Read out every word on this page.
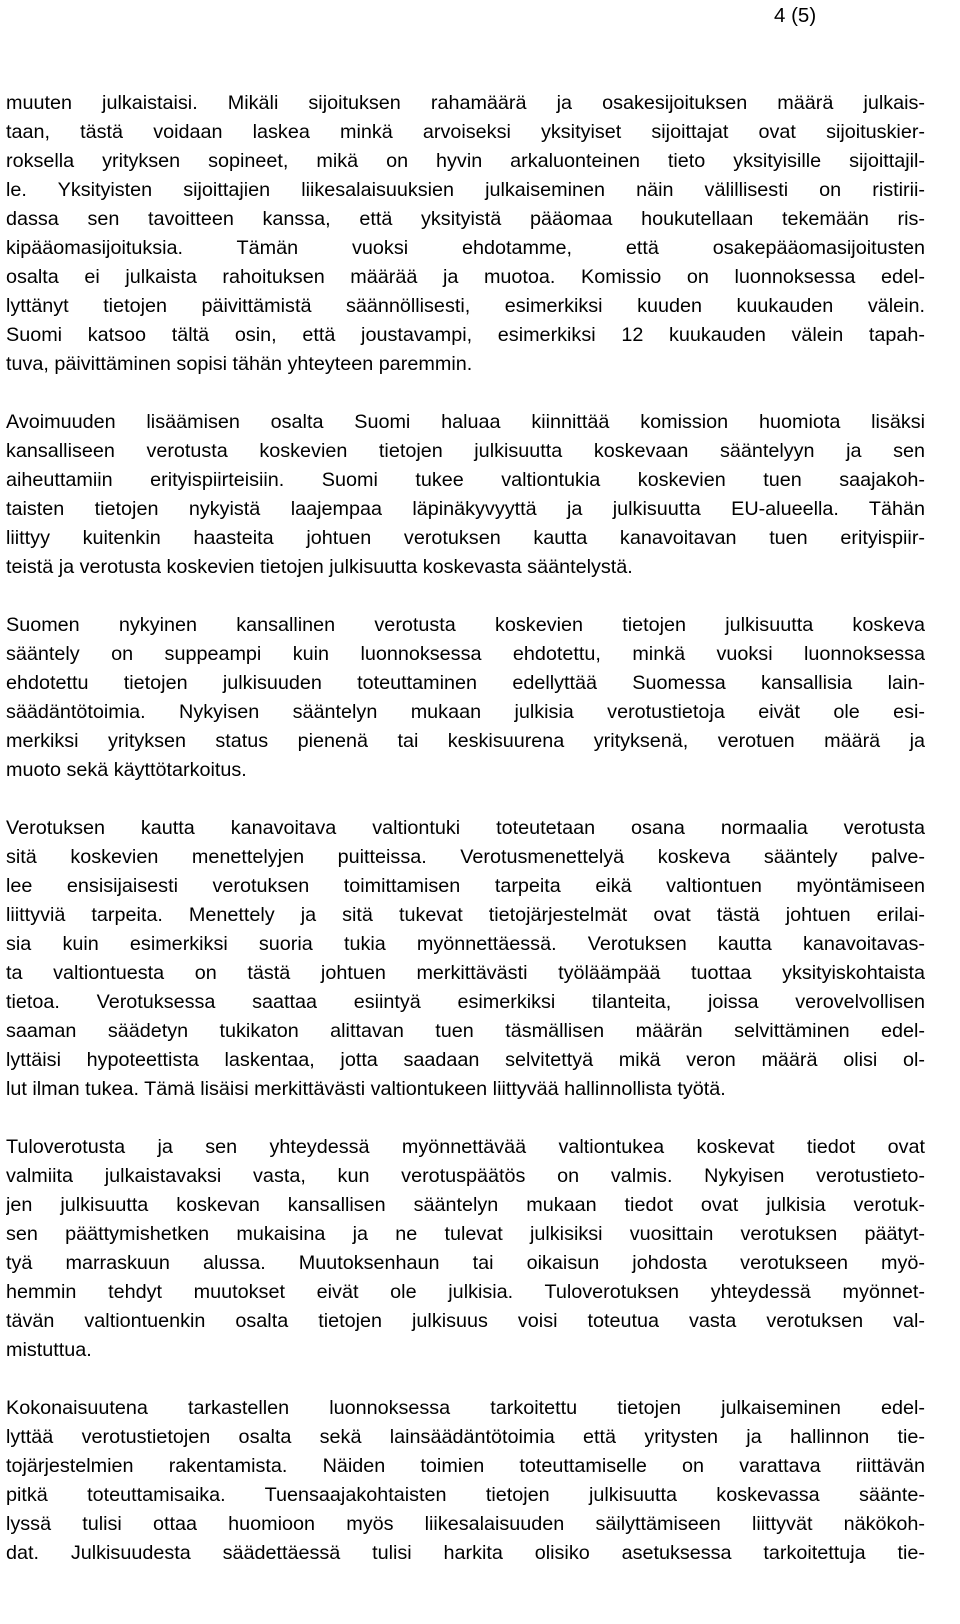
4 (5)
muuten julkaistaisi. Mikäli sijoituksen rahamäärä ja osakesijoituksen määrä julkais-
taan, tästä voidaan laskea minkä arvoiseksi yksityiset sijoittajat ovat sijoituskier-
roksella yrityksen sopineet, mikä on hyvin arkaluonteinen tieto yksityisille sijoittajil-
le. Yksityisten sijoittajien liikesalaisuuksien julkaiseminen näin välillisesti on ristirii-
dassa sen tavoitteen kanssa, että yksityistä pääomaa houkutellaan tekemään ris-
kipääomasijoituksia. Tämän vuoksi ehdotamme, että osakepääomasijoitusten
osalta ei julkaista rahoituksen määrää ja muotoa. Komissio on luonnoksessa edel-
lyttänyt tietojen päivittämistä säännöllisesti, esimerkiksi kuuden kuukauden välein.
Suomi katsoo tältä osin, että joustavampi, esimerkiksi 12 kuukauden välein tapah-
tuva, päivittäminen sopisi tähän yhteyteen paremmin.
Avoimuuden lisäämisen osalta Suomi haluaa kiinnittää komission huomiota lisäksi
kansalliseen verotusta koskevien tietojen julkisuutta koskevaan sääntelyyn ja sen
aiheuttamiin erityispiirteisiin. Suomi tukee valtiontukia koskevien tuen saajakoh-
taisten tietojen nykyistä laajempaa läpinäkyvyyttä ja julkisuutta EU-alueella. Tähän
liittyy kuitenkin haasteita johtuen verotuksen kautta kanavoitavan tuen erityispiir-
teistä ja verotusta koskevien tietojen julkisuutta koskevasta sääntelystä.
Suomen nykyinen kansallinen verotusta koskevien tietojen julkisuutta koskeva
sääntely on suppeampi kuin luonnoksessa ehdotettu, minkä vuoksi luonnoksessa
ehdotettu tietojen julkisuuden toteuttaminen edellyttää Suomessa kansallisia lain-
säädäntötoimia. Nykyisen sääntelyn mukaan julkisia verotustietoja eivät ole esi-
merkiksi yrityksen status pienenä tai keskisuurena yrityksenä, verotuen määrä ja
muoto sekä käyttötarkoitus.
Verotuksen kautta kanavoitava valtiontuki toteutetaan osana normaalia verotusta
sitä koskevien menettelyjen puitteissa. Verotusmenettelyä koskeva sääntely palve-
lee ensisijaisesti verotuksen toimittamisen tarpeita eikä valtiontuen myöntämiseen
liittyviä tarpeita. Menettely ja sitä tukevat tietojärjestelmät ovat tästä johtuen erilai-
sia kuin esimerkiksi suoria tukia myönnettäessä. Verotuksen kautta kanavoitavas-
ta valtiontuesta on tästä johtuen merkittävästi työläämpää tuottaa yksityiskohtaista
tietoa. Verotuksessa saattaa esiintyä esimerkiksi tilanteita, joissa verovelvollisen
saaman säädetyn tukikaton alittavan tuen täsmällisen määrän selvittäminen edel-
lyttäisi hypoteettista laskentaa, jotta saadaan selvitettyä mikä veron määrä olisi ol-
lut ilman tukea. Tämä lisäisi merkittävästi valtiontukeen liittyvää hallinnollista työtä.
Tuloverotusta ja sen yhteydessä myönnettävää valtiontukea koskevat tiedot ovat
valmiita julkaistavaksi vasta, kun verotuspäätös on valmis. Nykyisen verotustieto-
jen julkisuutta koskevan kansallisen sääntelyn mukaan tiedot ovat julkisia verotuk-
sen päättymishetken mukaisina ja ne tulevat julkisiksi vuosittain verotuksen päätyt-
tyä marraskuun alussa. Muutoksenhaun tai oikaisun johdosta verotukseen myö-
hemmin tehdyt muutokset eivät ole julkisia. Tuloverotuksen yhteydessä myönnet-
tävän valtiontuenkin osalta tietojen julkisuus voisi toteutua vasta verotuksen val-
mistuttua.
Kokonaisuutena tarkastellen luonnoksessa tarkoitettu tietojen julkaiseminen edel-
lyttää verotustietojen osalta sekä lainsäädäntötoimia että yritysten ja hallinnon tie-
tojärjestelmien rakentamista. Näiden toimien toteuttamiselle on varattava riittävän
pitkä toteuttamisaika. Tuensaajakohtaisten tietojen julkisuutta koskevassa säänte-
lyssä tulisi ottaa huomioon myös liikesalaisuuden säilyttämiseen liittyvät näkökoh-
dat. Julkisuudesta säädettäessä tulisi harkita olisiko asetuksessa tarkoitettuja tie-
